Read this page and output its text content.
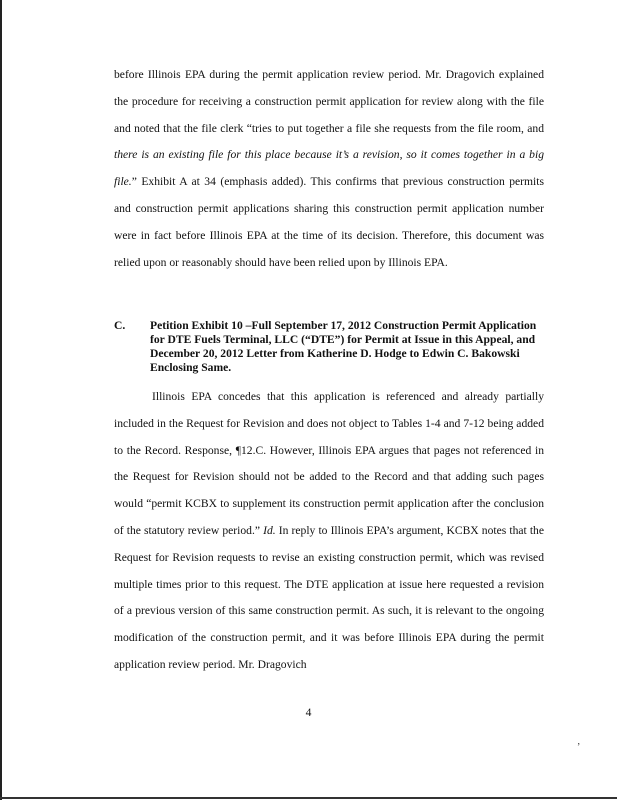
before Illinois EPA during the permit application review period. Mr. Dragovich explained the procedure for receiving a construction permit application for review along with the file and noted that the file clerk “tries to put together a file she requests from the file room, and there is an existing file for this place because it’s a revision, so it comes together in a big file.” Exhibit A at 34 (emphasis added). This confirms that previous construction permits and construction permit applications sharing this construction permit application number were in fact before Illinois EPA at the time of its decision. Therefore, this document was relied upon or reasonably should have been relied upon by Illinois EPA.

C.	Petition Exhibit 10 –Full September 17, 2012 Construction Permit Application for DTE Fuels Terminal, LLC (“DTE”) for Permit at Issue in this Appeal, and December 20, 2012 Letter from Katherine D. Hodge to Edwin C. Bakowski Enclosing Same.

Illinois EPA concedes that this application is referenced and already partially included in the Request for Revision and does not object to Tables 1-4 and 7-12 being added to the Record. Response, ¶12.C. However, Illinois EPA argues that pages not referenced in the Request for Revision should not be added to the Record and that adding such pages would “permit KCBX to supplement its construction permit application after the conclusion of the statutory review period.” Id. In reply to Illinois EPA’s argument, KCBX notes that the Request for Revision requests to revise an existing construction permit, which was revised multiple times prior to this request. The DTE application at issue here requested a revision of a previous version of this same construction permit. As such, it is relevant to the ongoing modification of the construction permit, and it was before Illinois EPA during the permit application review period. Mr. Dragovich

4
’
